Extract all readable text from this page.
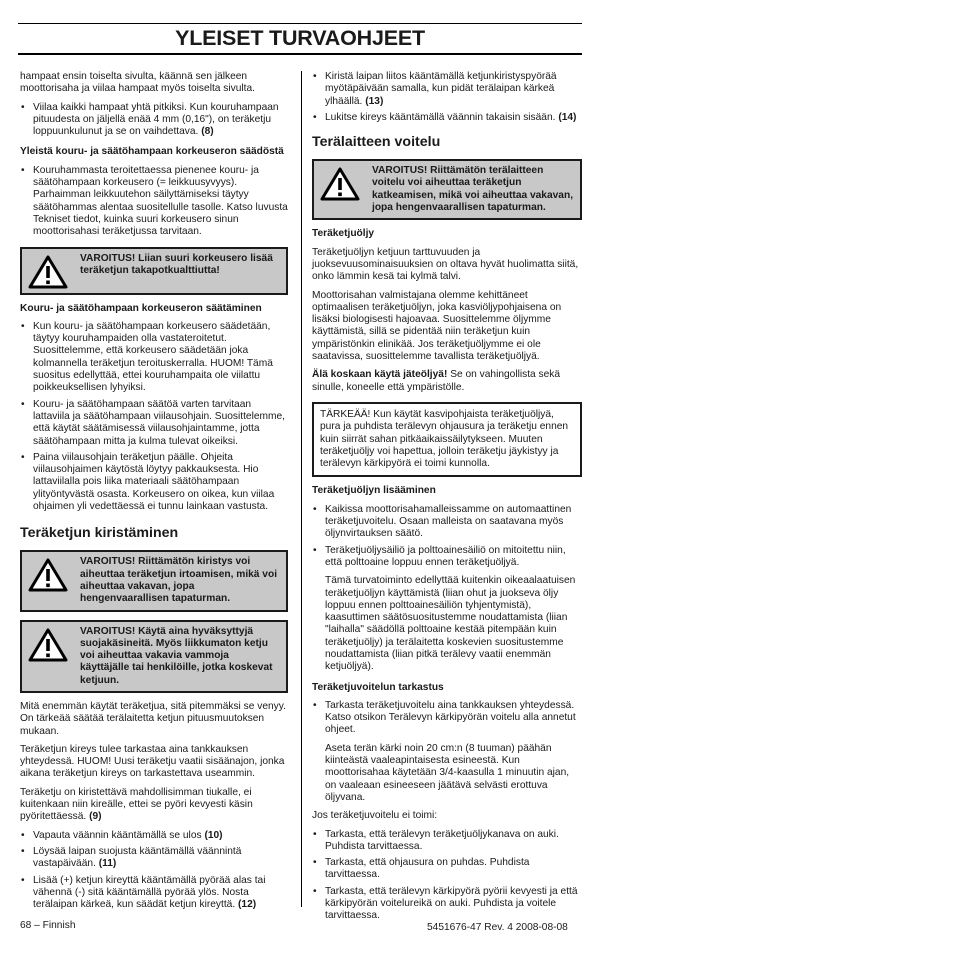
YLEISET TURVAOHJEET

hampaat ensin toiselta sivulta, käännä sen jälkeen moottorisaha ja viilaa hampaat myös toiselta sivulta.

• Viilaa kaikki hampaat yhtä pitkiksi. Kun kouruhampaan pituudesta on jäljellä enää 4 mm (0,16"), on teräketju loppuunkulunut ja se on vaihdettava. (8)
Yleistä kouru- ja säätöhampaan korkeuseron säädöstä
• Kouruhammasta teroitettaessa pienenee kouru- ja säätöhampaan korkeusero (= leikkuusyvyys). Parhaimman leikkuutehon säilyttämiseksi täytyy säätöhammas alentaa suositellulle tasolle. Katso luvusta Tekniset tiedot, kuinka suuri korkeusero sinun moottorisahasi teräketjussa tarvitaan.
VAROITUS! Liian suuri korkeusero lisää teräketjun takapotkualttiutta!
Kouru- ja säätöhampaan korkeuseron säätäminen
• Kun kouru- ja säätöhampaan korkeusero säädetään, täytyy kouruhampaiden olla vastateroitetut. Suosittelemme, että korkeusero säädetään joka kolmannella teräketjun teroituskerralla. HUOM! Tämä suositus edellyttää, ettei kouruhampaita ole viilattu poikkeuksellisen lyhyiksi.
• Kouru- ja säätöhampaan säätöä varten tarvitaan lattaviila ja säätöhampaan viilausohjain. Suosittelemme, että käytät säätämisessä viilausohjaintamme, jotta säätöhampaan mitta ja kulma tulevat oikeiksi.
• Paina viilausohjain teräketjun päälle. Ohjeita viilausohjaimen käytöstä löytyy pakkauksesta. Hio lattaviilalla pois liika materiaali säätöhampaan ylityöntyvästä osasta. Korkeusero on oikea, kun viilaa ohjaimen yli vedettäessä ei tunnu lainkaan vastusta.
Teräketjun kiristäminen
VAROITUS! Riittämätön kiristys voi aiheuttaa teräketjun irtoamisen, mikä voi aiheuttaa vakavan, jopa hengenvaarallisen tapaturman.
VAROITUS! Käytä aina hyväksyttyjä suojakäsineitä. Myös liikkumaton ketju voi aiheuttaa vakavia vammoja käyttäjälle tai henkilöille, jotka koskevat ketjuun.

Mitä enemmän käytät teräketjua, sitä pitemmäksi se venyy. On tärkeää säätää terälaitetta ketjun pituusmuutoksen mukaan.

Teräketjun kireys tulee tarkastaa aina tankkauksen yhteydessä. HUOM! Uusi teräketju vaatii sisäänajon, jonka aikana teräketjun kireys on tarkastettava useammin.

Teräketju on kiristettävä mahdollisimman tiukalle, ei kuitenkaan niin kireälle, ettei se pyöri kevyesti käsin pyöritettäessä. (9)

• Vapauta väännin kääntämällä se ulos (10)
• Löysää laipan suojusta kääntämällä väännintä vastapäivään. (11)
• Lisää (+) ketjun kireyttä kääntämällä pyörää alas tai vähennä (-) sitä kääntämällä pyörää ylös. Nosta terälaipan kärkeä, kun säädät ketjun kireyttä. (12)
• Kiristä laipan liitos kääntämällä ketjunkiristyspyörää myötäpäivään samalla, kun pidät terälaipan kärkeä ylhäällä. (13)
• Lukitse kireys kääntämällä väännin takaisin sisään. (14)
Terälaitteen voitelu
VAROITUS! Riittämätön terälaitteen voitelu voi aiheuttaa teräketjun katkeamisen, mikä voi aiheuttaa vakavan, jopa hengenvaarallisen tapaturman.
Teräketjuöljy

Teräketjuöljyn ketjuun tarttuvuuden ja juoksevuusominaisuuksien on oltava hyvät huolimatta siitä, onko lämmin kesä tai kylmä talvi.

Moottorisahan valmistajana olemme kehittäneet optimaalisen teräketjuöljyn, joka kasviöljypohjaisena on lisäksi biologisesti hajoavaa. Suosittelemme öljymme käyttämistä, sillä se pidentää niin teräketjun kuin ympäristönkin elinikää. Jos teräketjuöljymme ei ole saatavissa, suosittelemme tavallista teräketjuöljyä.

Älä koskaan käytä jäteöljyä! Se on vahingollista sekä sinulle, koneelle että ympäristölle.

TÄRKEÄÄ! Kun käytät kasvipohjaista teräketjuöljyä, pura ja puhdista terälevyn ohjausura ja teräketju ennen kuin siirrät sahan pitkäaikaissäilytykseen. Muuten teräketjuöljy voi hapettua, jolloin teräketju jäykistyy ja terälevyn kärkipyörä ei toimi kunnolla.
Teräketjuöljyn lisääminen
• Kaikissa moottorisahamalleissamme on automaattinen teräketjuvoitelu. Osaan malleista on saatavana myös öljynvirtauksen säätö.
• Teräketjuöljysäiliö ja polttoainesäiliö on mitoitettu niin, että polttoaine loppuu ennen teräketjuöljyä.
Tämä turvatoiminto edellyttää kuitenkin oikeaalaatuisen teräketjuöljyn käyttämistä (liian ohut ja juokseva öljy loppuu ennen polttoainesäiliön tyhjentymistä), kaasuttimen säätösuositustemme noudattamista (liian "laihalla" säädöllä polttoaine kestää pitempään kuin teräketjuöljy) ja terälaitetta koskevien suositustemme noudattamista (liian pitkä terälevy vaatii enemmän ketjuöljyä).
Teräketjuvoitelun tarkastus
• Tarkasta teräketjuvoitelu aina tankkauksen yhteydessä. Katso otsikon Terälevyn kärkipyörän voitelu alla annetut ohjeet.
Aseta terän kärki noin 20 cm:n (8 tuuman) päähän kiinteästä vaaleapintaisesta esineestä. Kun moottorisahaa käytetään 3/4-kaasulla 1 minuutin ajan, on vaaleaan esineeseen jäätävä selvästi erottuva öljyvana.

Jos teräketjuvoitelu ei toimi:

• Tarkasta, että terälevyn teräketjuöljykanava on auki. Puhdista tarvittaessa.
• Tarkasta, että ohjausura on puhdas. Puhdista tarvittaessa.
• Tarkasta, että terälevyn kärkipyörä pyörii kevyesti ja että kärkipyörän voitelureikä on auki. Puhdista ja voitele tarvittaessa.
68 – Finnish	5451676-47 Rev. 4 2008-08-08
